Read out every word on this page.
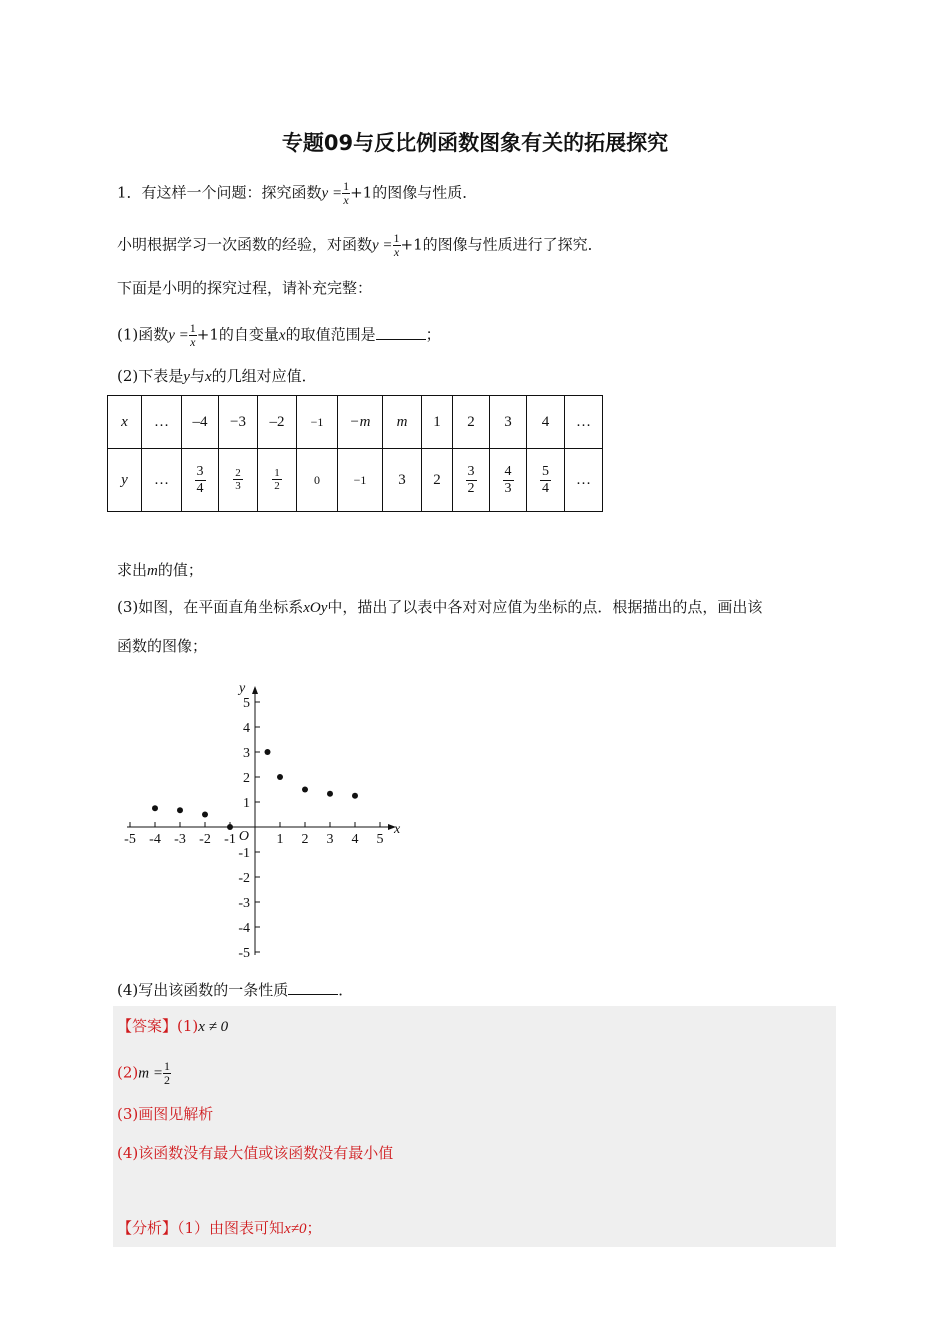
专题09与反比例函数图象有关的拓展探究
1．有这样一个问题：探究函数$y = \frac{1}{x} +1$的图像与性质．
小明根据学习一次函数的经验，对函数$y = \frac{1}{x} +1$的图像与性质进行了探究．
下面是小明的探究过程，请补充完整：
(1)函数$y = \frac{1}{x} +1$的自变量x的取值范围是	；
(2)下表是y与x的几组对应值．
x	…	–4	−3	–2	−1	−m	m	1	2	3	4	…
y	…	$\frac{3}{4}$	$\frac{2}{3}$	$\frac{1}{2}$	0	−1	3	2	$\frac{3}{2}$	$\frac{4}{3}$	$\frac{5}{4}$	…
求出m的值；
(3)如图，在平面直角坐标系xOy中，描出了以表中各对对应值为坐标的点．根据描出的点，画出该
函数的图像；
-5 -4 -3 -2 -1	1 2 3 4 5
5
4
3
2
1
-1
-2
-3
-4
-5
x
y
O
(4)写出该函数的一条性质	．
【答案】(1)x ≠ 0
$(2)m = \frac{1}{2}$
(3)画图见解析
(4)该函数没有最大值或该函数没有最小值
【分析】（1）由图表可知x≠0；
